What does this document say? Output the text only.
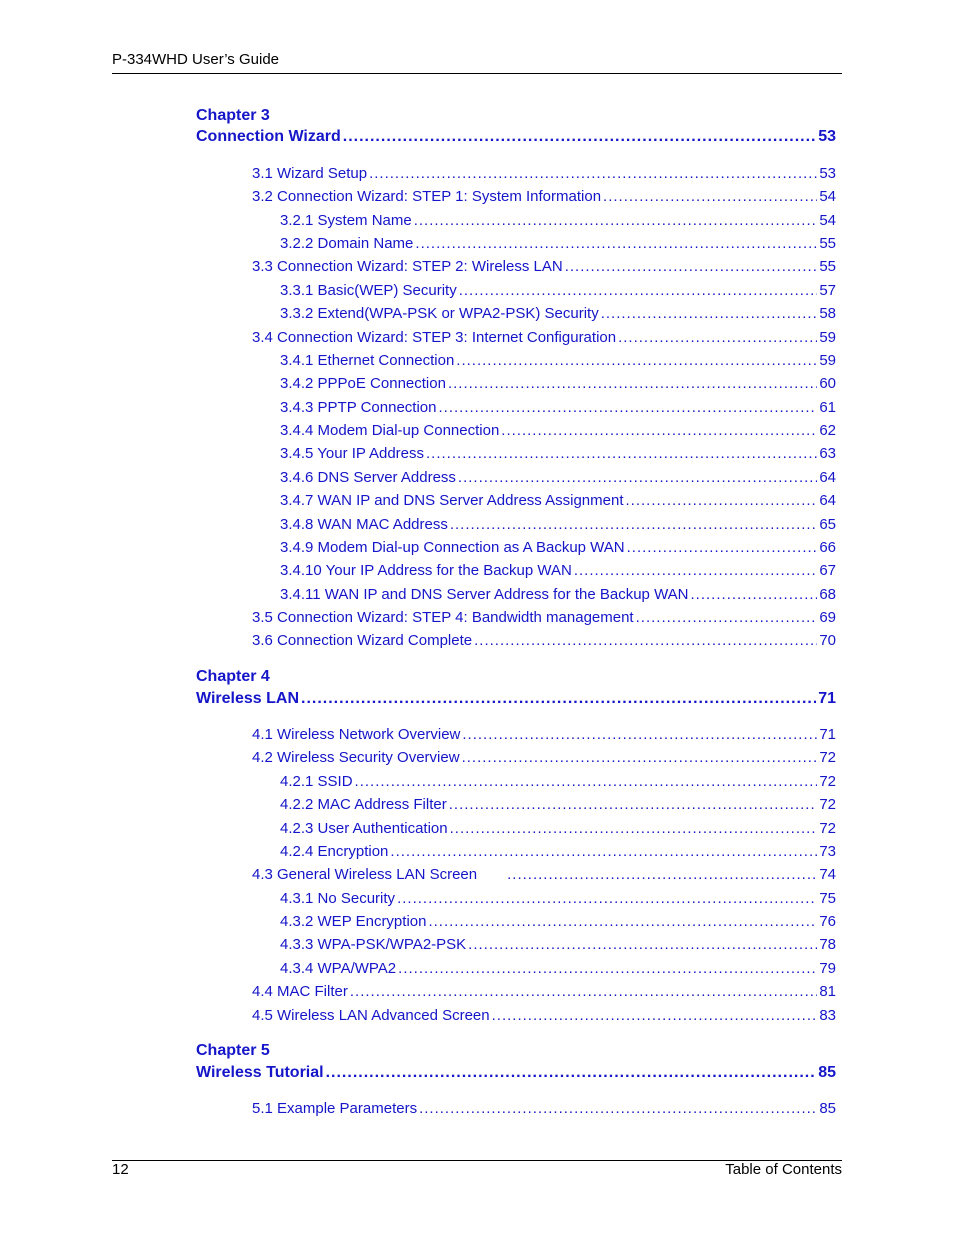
P-334WHD User’s Guide
Chapter 3
Connection Wizard .....	53
3.1 Wizard Setup .....	53
3.2 Connection Wizard: STEP 1: System Information .....	54
3.2.1 System Name .....	54
3.2.2 Domain Name .....	55
3.3 Connection Wizard: STEP 2: Wireless LAN .....	55
3.3.1 Basic(WEP) Security .....	57
3.3.2 Extend(WPA-PSK or WPA2-PSK) Security .....	58
3.4 Connection Wizard: STEP 3: Internet Configuration .....	59
3.4.1 Ethernet Connection .....	59
3.4.2 PPPoE Connection .....	60
3.4.3 PPTP Connection .....	61
3.4.4 Modem Dial-up Connection .....	62
3.4.5 Your IP Address .....	63
3.4.6 DNS Server Address .....	64
3.4.7 WAN IP and DNS Server Address Assignment .....	64
3.4.8 WAN MAC Address .....	65
3.4.9 Modem Dial-up Connection as A Backup WAN .....	66
3.4.10 Your IP Address for the Backup WAN .....	67
3.4.11 WAN IP and DNS Server Address for the Backup WAN .....	68
3.5 Connection Wizard: STEP 4: Bandwidth management .....	69
3.6 Connection Wizard Complete .....	70
Chapter 4
Wireless LAN .....	71
4.1 Wireless Network Overview .....	71
4.2 Wireless Security Overview .....	72
4.2.1 SSID .....	72
4.2.2 MAC Address Filter .....	72
4.2.3 User Authentication .....	72
4.2.4 Encryption .....	73
4.3 General Wireless LAN Screen .....	74
4.3.1 No Security .....	75
4.3.2 WEP Encryption .....	76
4.3.3 WPA-PSK/WPA2-PSK .....	78
4.3.4 WPA/WPA2 .....	79
4.4 MAC Filter .....	81
4.5 Wireless LAN Advanced Screen .....	83
Chapter 5
Wireless Tutorial .....	85
5.1 Example Parameters .....	85
12	Table of Contents
